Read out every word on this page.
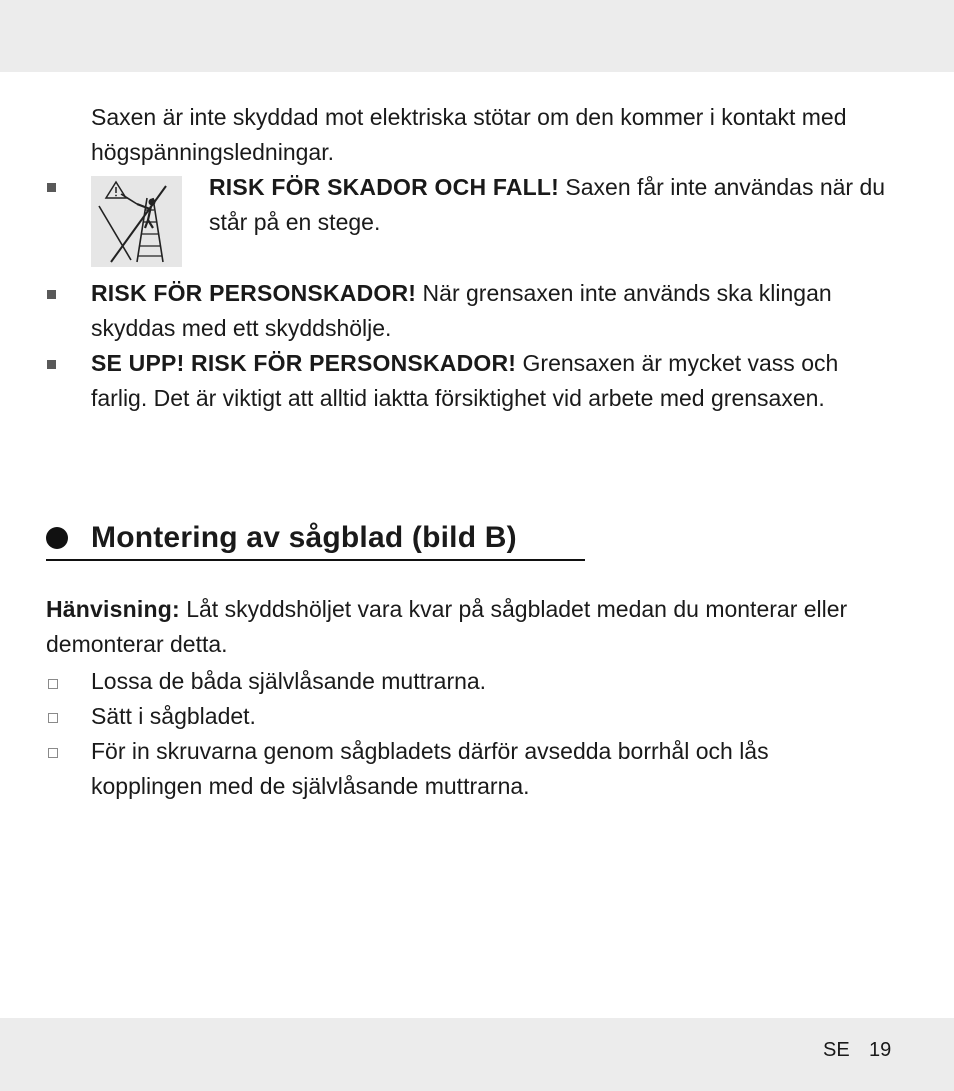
Saxen är inte skyddad mot elektriska stötar om den kommer i kontakt med högspänningsledningar.

RISK FÖR SKADOR OCH FALL! Saxen får inte användas när du står på en stege.

RISK FÖR PERSONSKADOR! När grensaxen inte används ska klingan skyddas med ett skyddshölje.

SE UPP! RISK FÖR PERSONSKADOR! Grensaxen är mycket vass och farlig. Det är viktigt att alltid iaktta försiktighet vid arbete med grensaxen.

Montering av sågblad (bild B)

Hänvisning: Låt skyddshöljet vara kvar på sågbladet medan du monterar eller demonterar detta.

Lossa de båda självlåsande muttrarna.

Sätt i sågbladet.

För in skruvarna genom sågbladets därför avsedda borrhål och lås kopplingen med de självlåsande muttrarna.

SE 19
